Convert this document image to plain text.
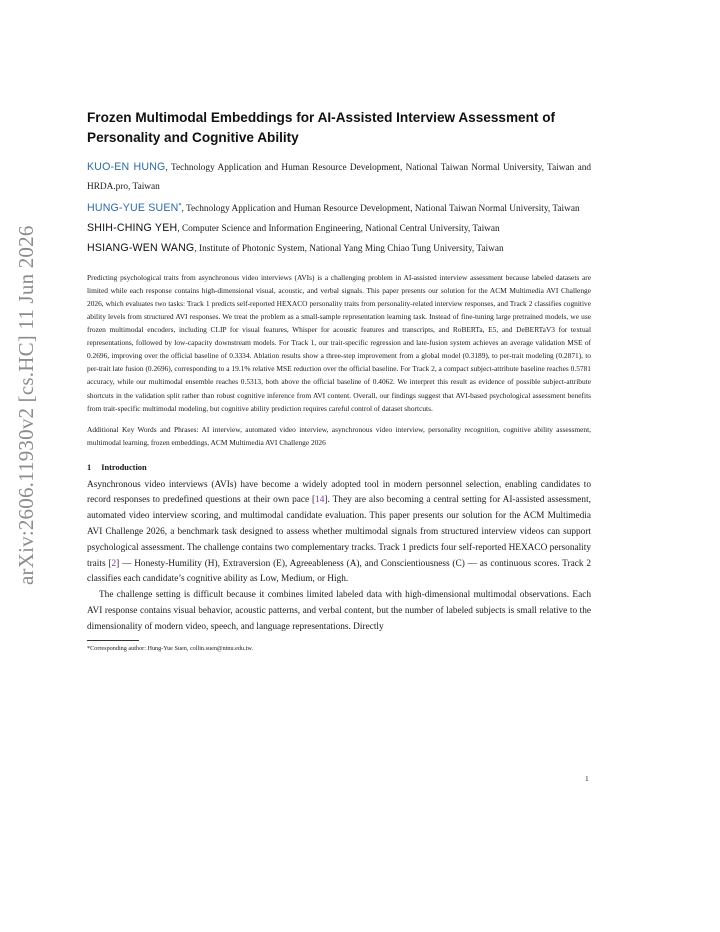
arXiv:2606.11930v2 [cs.HC] 11 Jun 2026
Frozen Multimodal Embeddings for AI-Assisted Interview Assessment of Personality and Cognitive Ability

KUO-EN HUNG, Technology Application and Human Resource Development, National Taiwan Normal University, Taiwan and HRDA.pro, Taiwan

HUNG-YUE SUEN*, Technology Application and Human Resource Development, National Taiwan Normal University, Taiwan

SHIH-CHING YEH, Computer Science and Information Engineering, National Central University, Taiwan

HSIANG-WEN WANG, Institute of Photonic System, National Yang Ming Chiao Tung University, Taiwan

Predicting psychological traits from asynchronous video interviews (AVIs) is a challenging problem in AI-assisted interview assessment because labeled datasets are limited while each response contains high-dimensional visual, acoustic, and verbal signals. This paper presents our solution for the ACM Multimedia AVI Challenge 2026, which evaluates two tasks: Track 1 predicts self-reported HEXACO personality traits from personality-related interview responses, and Track 2 classifies cognitive ability levels from structured AVI responses. We treat the problem as a small-sample representation learning task. Instead of fine-tuning large pretrained models, we use frozen multimodal encoders, including CLIP for visual features, Whisper for acoustic features and transcripts, and RoBERTa, E5, and DeBERTaV3 for textual representations, followed by low-capacity downstream models. For Track 1, our trait-specific regression and late-fusion system achieves an average validation MSE of 0.2696, improving over the official baseline of 0.3334. Ablation results show a three-step improvement from a global model (0.3189), to per-trait modeling (0.2871), to per-trait late fusion (0.2696), corresponding to a 19.1% relative MSE reduction over the official baseline. For Track 2, a compact subject-attribute baseline reaches 0.5781 accuracy, while our multimodal ensemble reaches 0.5313, both above the official baseline of 0.4062. We interpret this result as evidence of possible subject-attribute shortcuts in the validation split rather than robust cognitive inference from AVI content. Overall, our findings suggest that AVI-based psychological assessment benefits from trait-specific multimodal modeling, but cognitive ability prediction requires careful control of dataset shortcuts.

Additional Key Words and Phrases: AI interview, automated video interview, asynchronous video interview, personality recognition, cognitive ability assessment, multimodal learning, frozen embeddings, ACM Multimedia AVI Challenge 2026

1 Introduction

Asynchronous video interviews (AVIs) have become a widely adopted tool in modern personnel selection, enabling candidates to record responses to predefined questions at their own pace [14]. They are also becoming a central setting for AI-assisted assessment, automated video interview scoring, and multimodal candidate evaluation. This paper presents our solution for the ACM Multimedia AVI Challenge 2026, a benchmark task designed to assess whether multimodal signals from structured interview videos can support psychological assessment. The challenge contains two complementary tracks. Track 1 predicts four self-reported HEXACO personality traits [2] — Honesty-Humility (H), Extraversion (E), Agreeableness (A), and Conscientiousness (C) — as continuous scores. Track 2 classifies each candidate’s cognitive ability as Low, Medium, or High.

The challenge setting is difficult because it combines limited labeled data with high-dimensional multimodal observations. Each AVI response contains visual behavior, acoustic patterns, and verbal content, but the number of labeled subjects is small relative to the dimensionality of modern video, speech, and language representations. Directly

*Corresponding author: Hung-Yue Suen, collin.suen@ntnu.edu.tw.
1
